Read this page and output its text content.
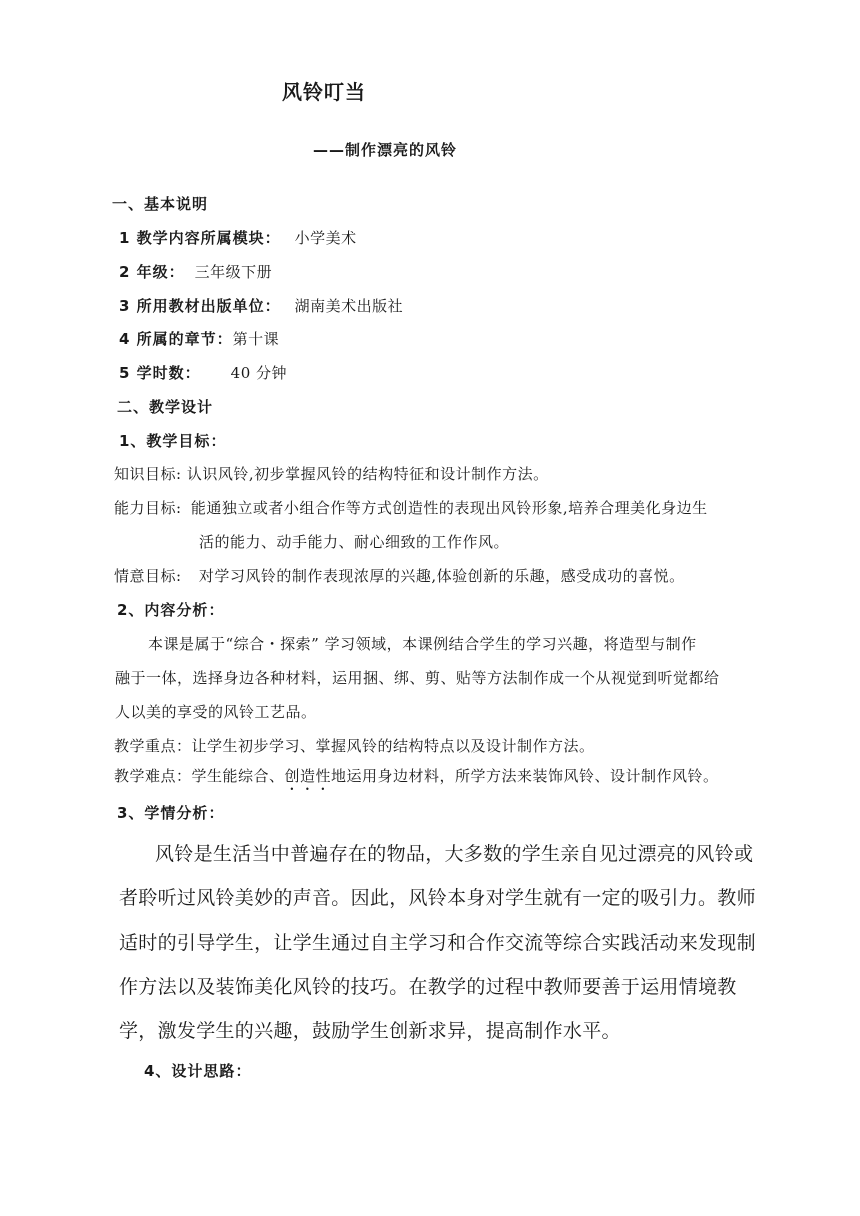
风铃叮当
——制作漂亮的风铃
一、基本说明
1 教学内容所属模块： 小学美术
2 年级： 三年级下册
3 所用教材出版单位： 湖南美术出版社
4 所属的章节：第十课
5 学时数： 40 分钟
二、教学设计
1、教学目标：
知识目标: 认识风铃,初步掌握风铃的结构特征和设计制作方法。
能力目标: 能通独立或者小组合作等方式创造性的表现出风铃形象,培养合理美化身边生
活的能力、动手能力、耐心细致的工作作风。
情意目标: 对学习风铃的制作表现浓厚的兴趣,体验创新的乐趣，感受成功的喜悦。
2、内容分析：
本课是属于“综合・探索” 学习领域，本课例结合学生的学习兴趣，将造型与制作
融于一体，选择身边各种材料，运用捆、绑、剪、贴等方法制作成一个从视觉到听觉都给
人以美的享受的风铃工艺品。
教学重点：让学生初步学习、掌握风铃的结构特点以及设计制作方法。
教学难点：学生能综合、创造性地运用身边材料，所学方法来装饰风铃、设计制作风铃。
3、学情分析：
风铃是生活当中普遍存在的物品，大多数的学生亲自见过漂亮的风铃或
者聆听过风铃美妙的声音。因此，风铃本身对学生就有一定的吸引力。教师
适时的引导学生，让学生通过自主学习和合作交流等综合实践活动来发现制
作方法以及装饰美化风铃的技巧。在教学的过程中教师要善于运用情境教
学，激发学生的兴趣，鼓励学生创新求异，提高制作水平。
4、设计思路：
